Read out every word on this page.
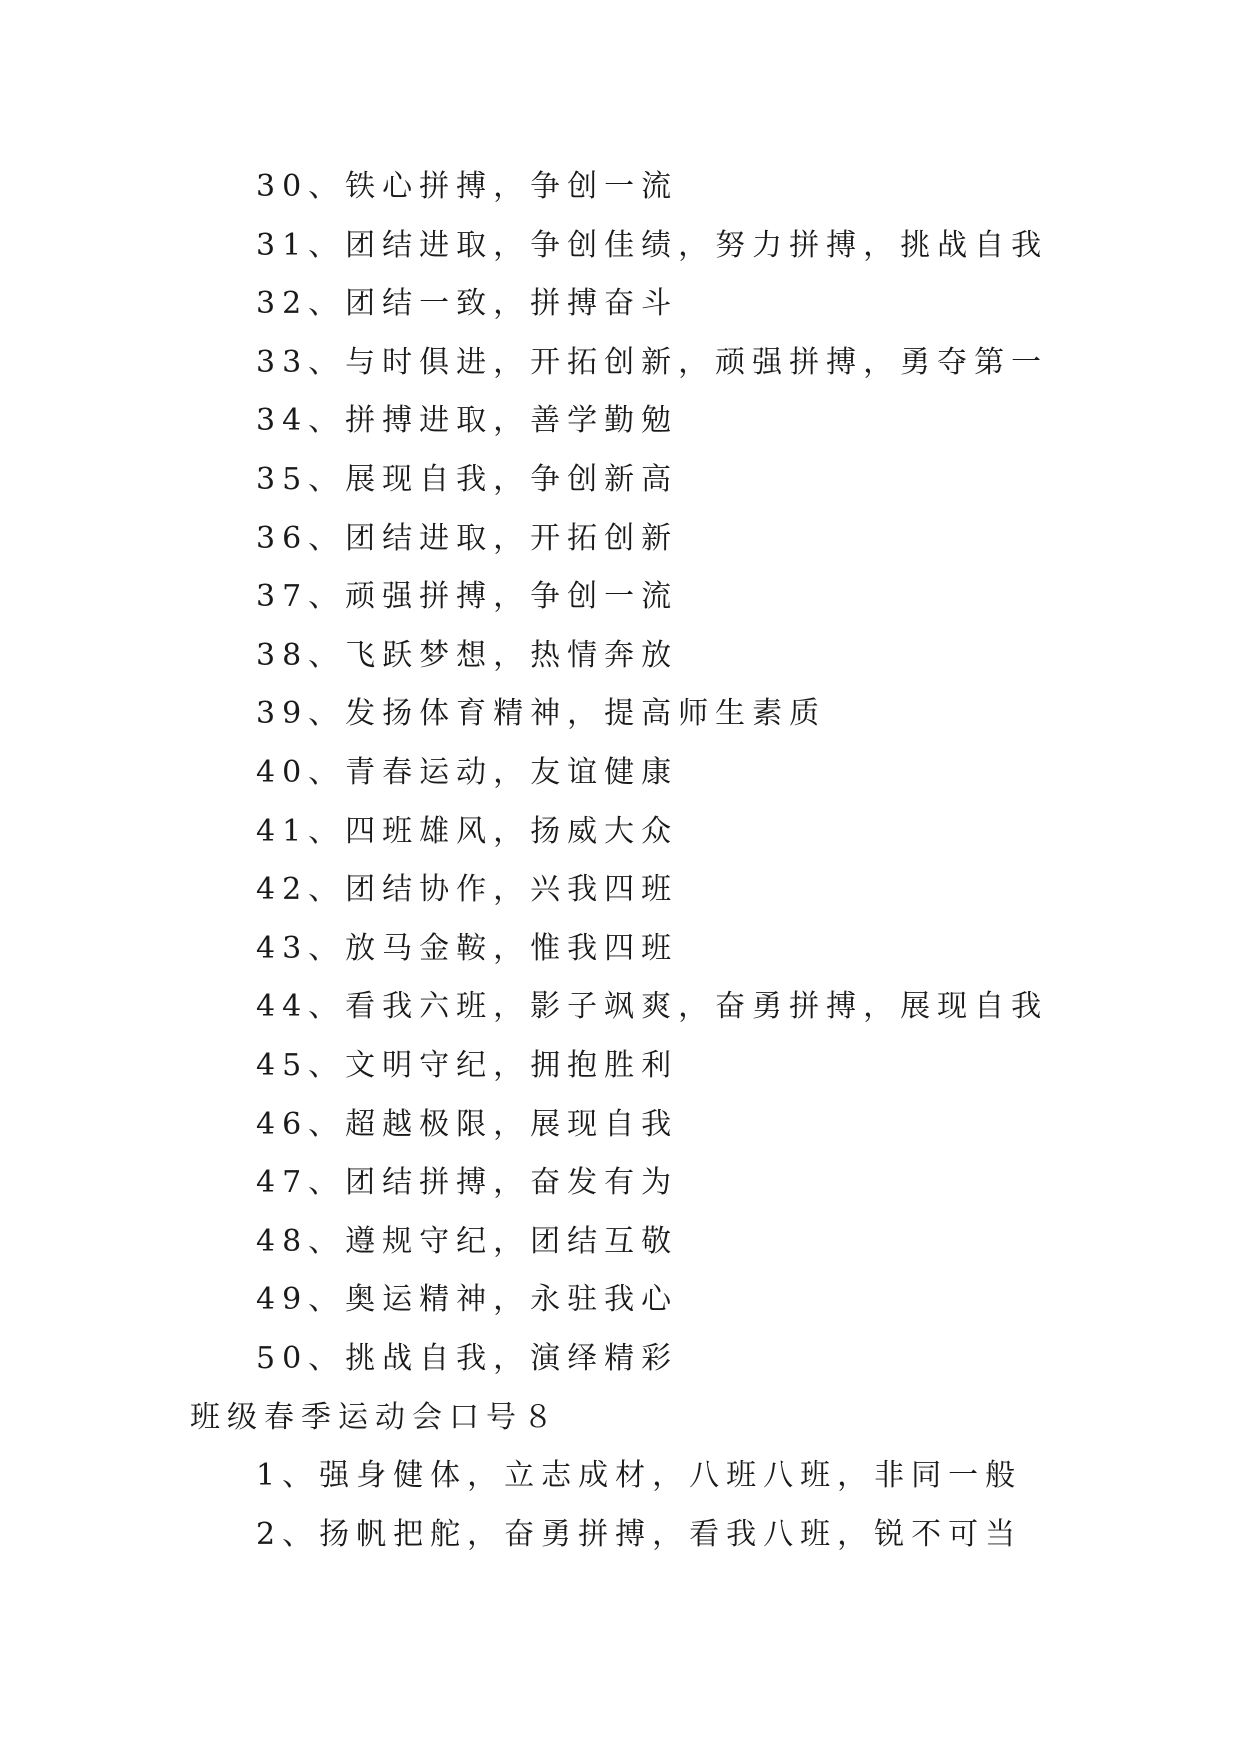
30、铁心拼搏，争创一流
31、团结进取，争创佳绩，努力拼搏，挑战自我
32、团结一致，拼搏奋斗
33、与时俱进，开拓创新，顽强拼搏，勇夺第一
34、拼搏进取，善学勤勉
35、展现自我，争创新高
36、团结进取，开拓创新
37、顽强拼搏，争创一流
38、飞跃梦想，热情奔放
39、发扬体育精神，提高师生素质
40、青春运动，友谊健康
41、四班雄风，扬威大众
42、团结协作，兴我四班
43、放马金鞍，惟我四班
44、看我六班，影子飒爽，奋勇拼搏，展现自我
45、文明守纪，拥抱胜利
46、超越极限，展现自我
47、团结拼搏，奋发有为
48、遵规守纪，团结互敬
49、奥运精神，永驻我心
50、挑战自我，演绎精彩
班级春季运动会口号８
1、强身健体，立志成材，八班八班，非同一般
2、扬帆把舵，奋勇拼搏，看我八班，锐不可当
